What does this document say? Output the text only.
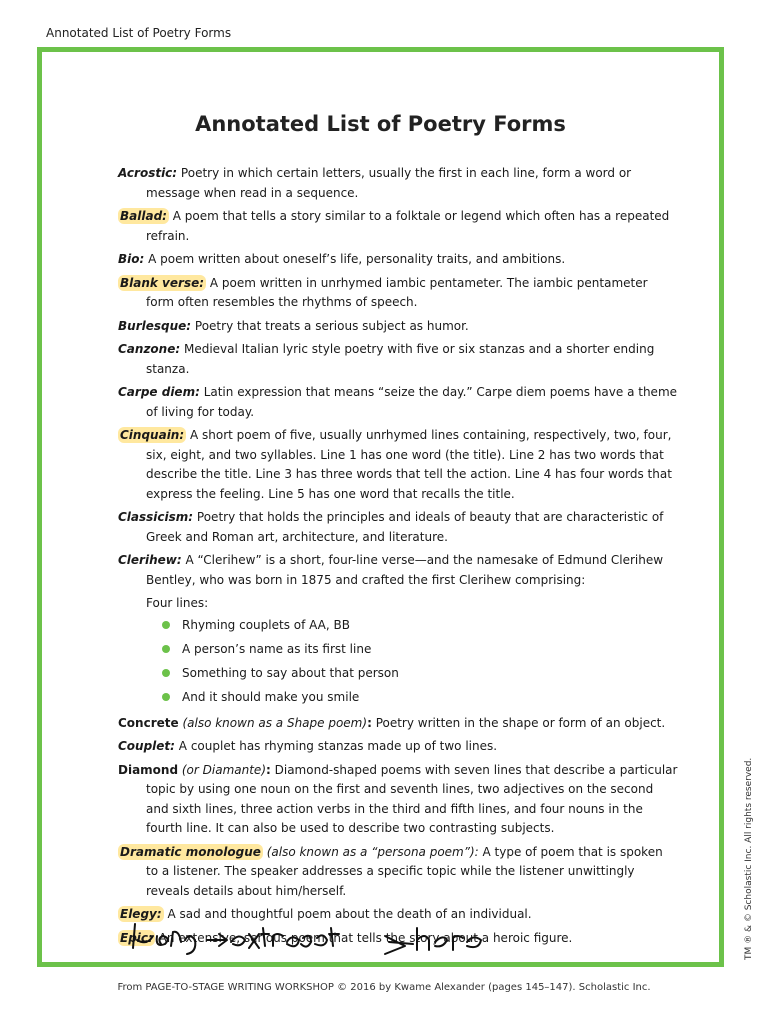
Annotated List of Poetry Forms
Annotated List of Poetry Forms
Acrostic: Poetry in which certain letters, usually the first in each line, form a word or message when read in a sequence.
Ballad: A poem that tells a story similar to a folktale or legend which often has a repeated refrain.
Bio: A poem written about oneself’s life, personality traits, and ambitions.
Blank verse: A poem written in unrhymed iambic pentameter. The iambic pentameter form often resembles the rhythms of speech.
Burlesque: Poetry that treats a serious subject as humor.
Canzone: Medieval Italian lyric style poetry with five or six stanzas and a shorter ending stanza.
Carpe diem: Latin expression that means “seize the day.” Carpe diem poems have a theme of living for today.
Cinquain: A short poem of five, usually unrhymed lines containing, respectively, two, four, six, eight, and two syllables. Line 1 has one word (the title). Line 2 has two words that describe the title. Line 3 has three words that tell the action. Line 4 has four words that express the feeling. Line 5 has one word that recalls the title.
Classicism: Poetry that holds the principles and ideals of beauty that are characteristic of Greek and Roman art, architecture, and literature.
Clerihew: A “Clerihew” is a short, four-line verse—and the namesake of Edmund Clerihew Bentley, who was born in 1875 and crafted the first Clerihew comprising:
Four lines:
Rhyming couplets of AA, BB
A person’s name as its first line
Something to say about that person
And it should make you smile
Concrete (also known as a Shape poem): Poetry written in the shape or form of an object.
Couplet: A couplet has rhyming stanzas made up of two lines.
Diamond (or Diamante): Diamond-shaped poems with seven lines that describe a particular topic by using one noun on the first and seventh lines, two adjectives on the second and sixth lines, three action verbs in the third and fifth lines, and four nouns in the fourth line. It can also be used to describe two contrasting subjects.
Dramatic monologue (also known as a “persona poem”): A type of poem that is spoken to a listener. The speaker addresses a specific topic while the listener unwittingly reveals details about him/herself.
Elegy: A sad and thoughtful poem about the death of an individual.
Epic: An extensive, serious poem that tells the story about a heroic figure.
From PAGE-TO-STAGE WRITING WORKSHOP © 2016 by Kwame Alexander (pages 145–147). Scholastic Inc.
TM ® & © Scholastic Inc. All rights reserved.
